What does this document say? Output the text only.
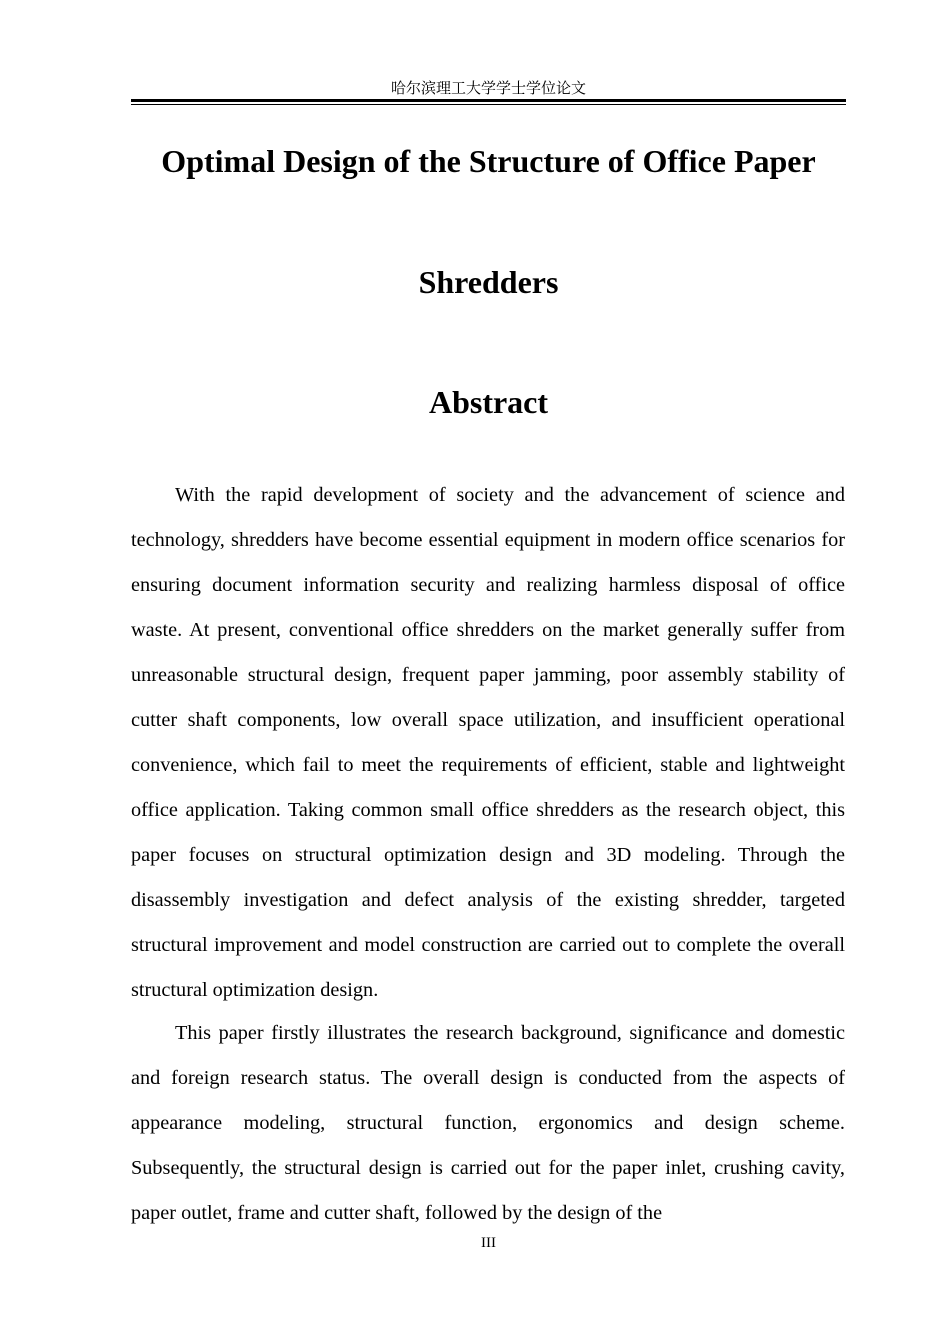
哈尔滨理工大学学士学位论文
Optimal Design of the Structure of Office Paper
Shredders
Abstract

With the rapid development of society and the advancement of science and technology, shredders have become essential equipment in modern office scenarios for ensuring document information security and realizing harmless disposal of office waste. At present, conventional office shredders on the market generally suffer from unreasonable structural design, frequent paper jamming, poor assembly stability of cutter shaft components, low overall space utilization, and insufficient operational convenience, which fail to meet the requirements of efficient, stable and lightweight office application. Taking common small office shredders as the research object, this paper focuses on structural optimization design and 3D modeling. Through the disassembly investigation and defect analysis of the existing shredder, targeted structural improvement and model construction are carried out to complete the overall structural optimization design.

This paper firstly illustrates the research background, significance and domestic and foreign research status. The overall design is conducted from the aspects of appearance modeling, structural function, ergonomics and design scheme. Subsequently, the structural design is carried out for the paper inlet, crushing cavity, paper outlet, frame and cutter shaft, followed by the design of the

III
